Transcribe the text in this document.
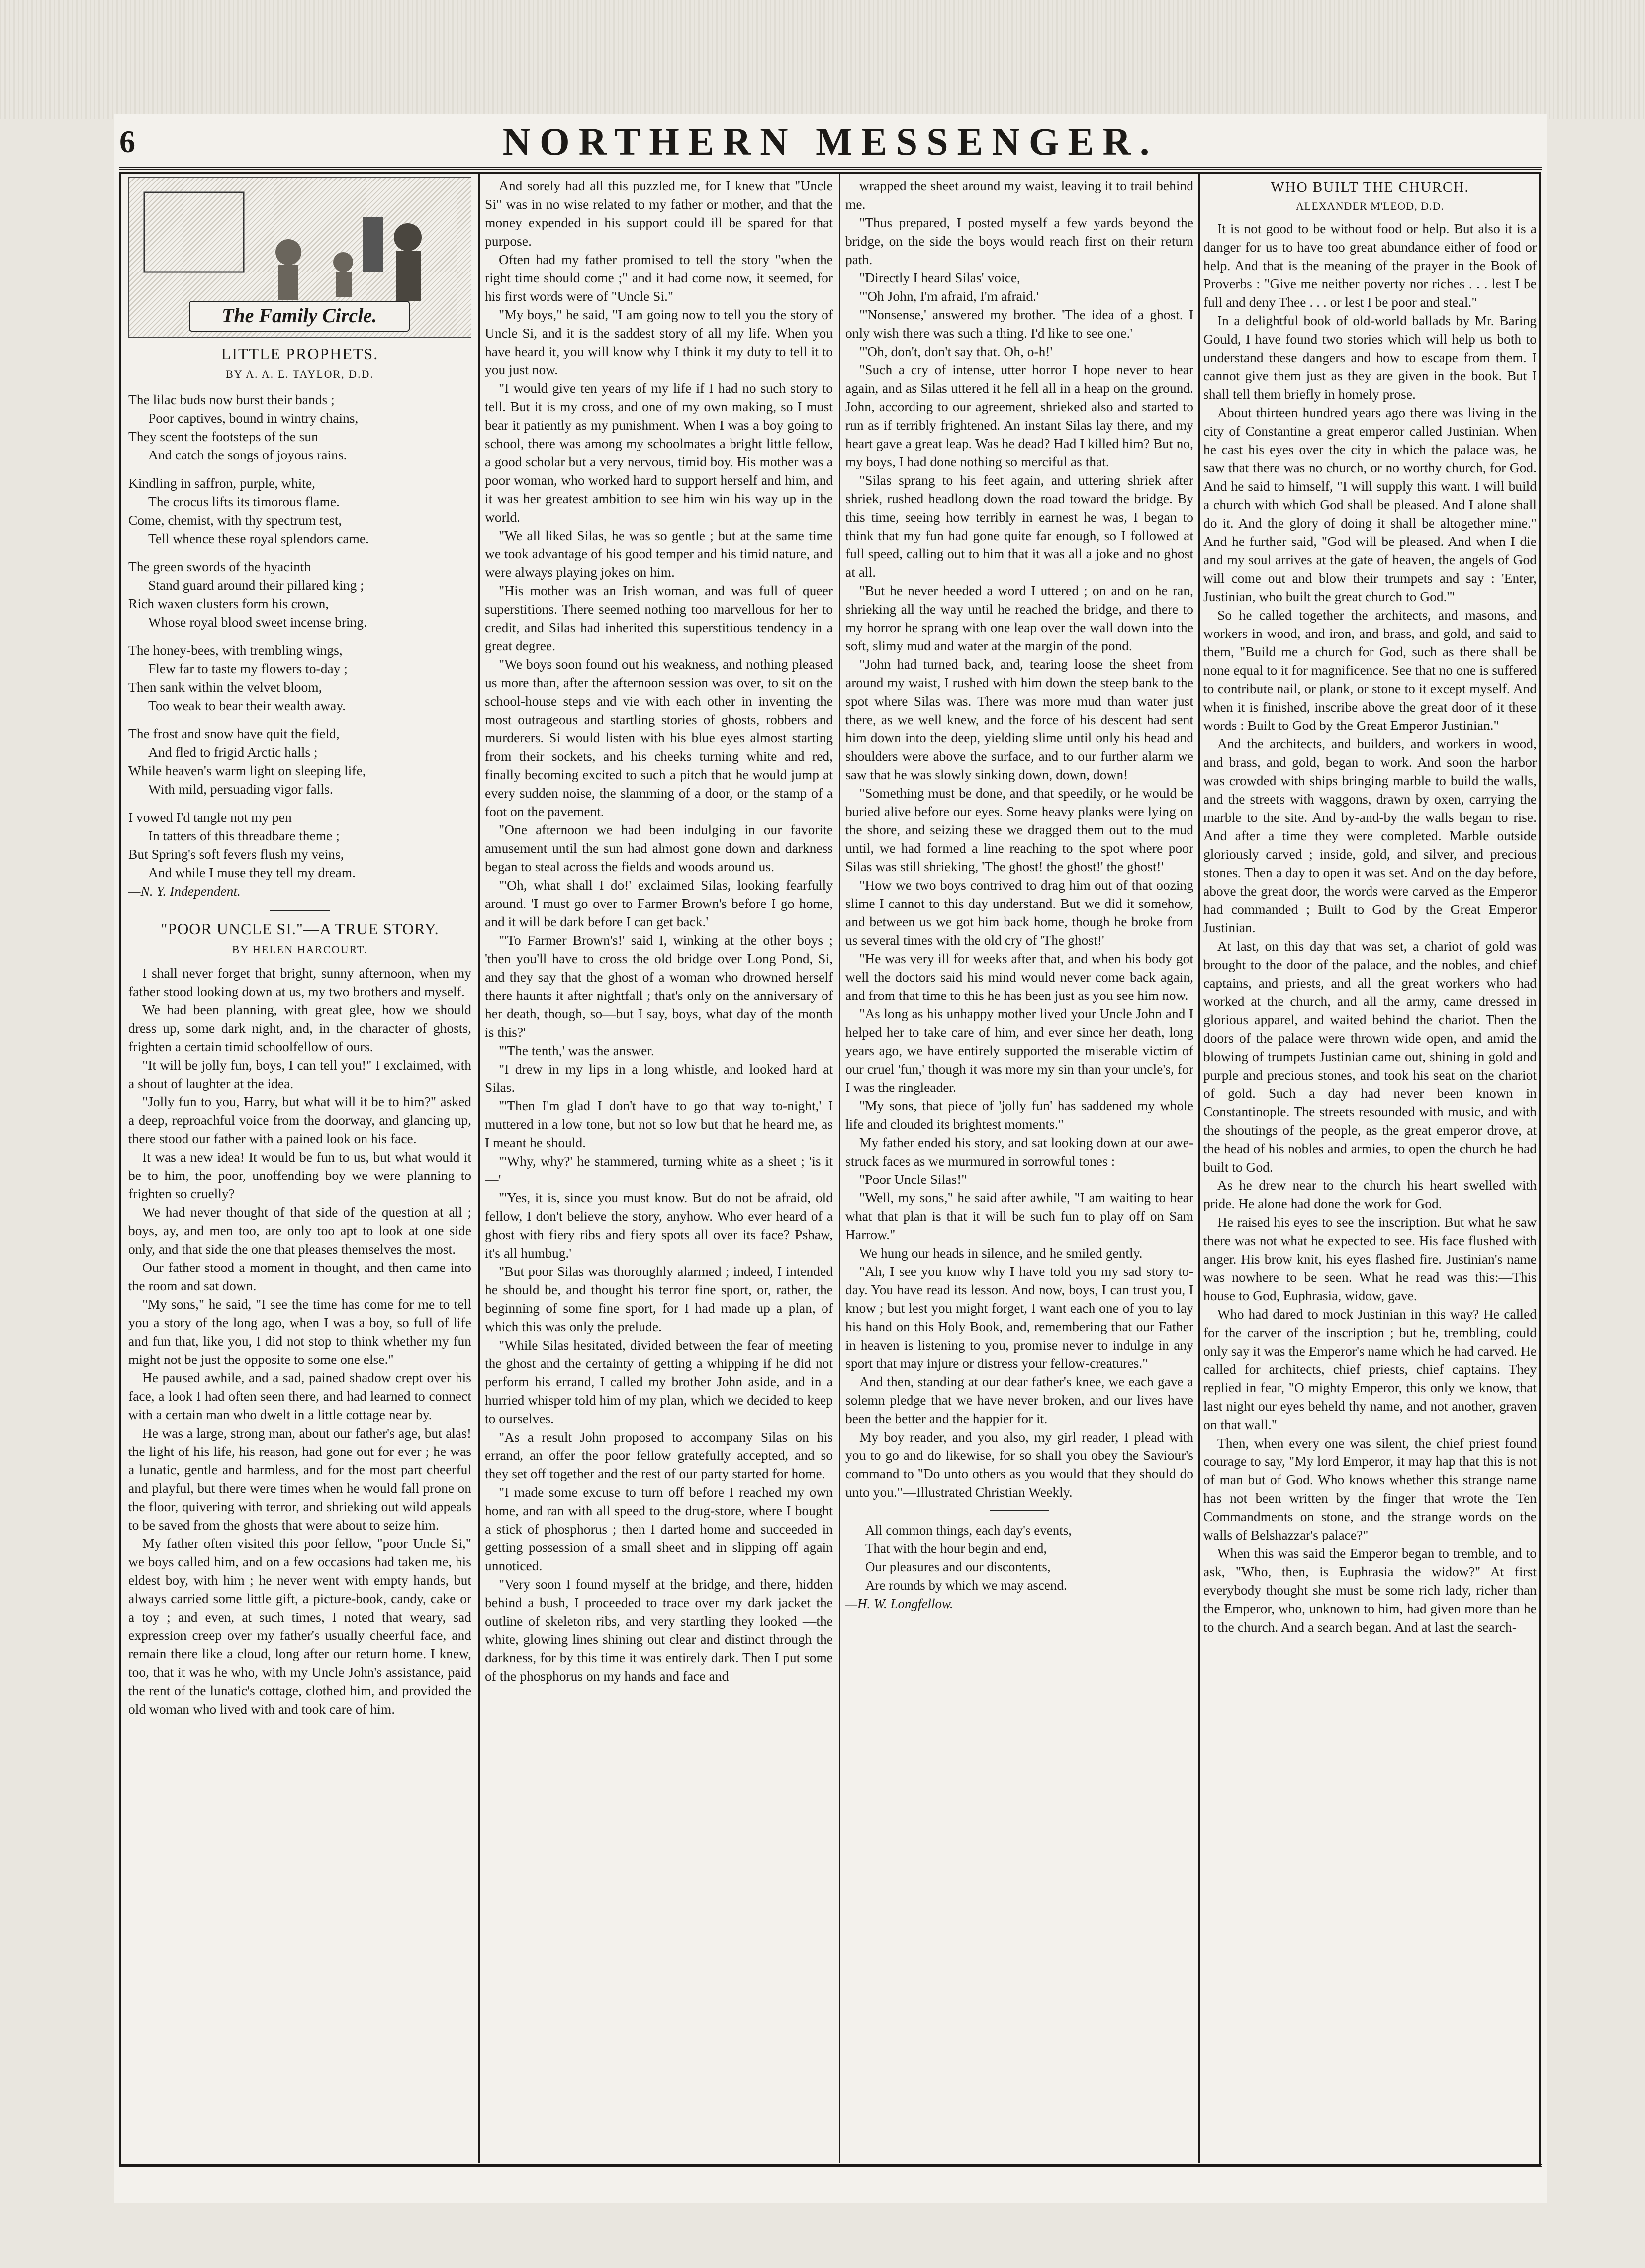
6	NORTHERN MESSENGER.
The Family Circle.
LITTLE PROPHETS.
BY A. A. E. TAYLOR, D.D.
The lilac buds now burst their bands ;
Poor captives, bound in wintry chains,
They scent the footsteps of the sun
And catch the songs of joyous rains.
Kindling in saffron, purple, white,
The crocus lifts its timorous flame.
Come, chemist, with thy spectrum test,
Tell whence these royal splendors came.
The green swords of the hyacinth
Stand guard around their pillared king ;
Rich waxen clusters form his crown,
Whose royal blood sweet incense bring.
The honey-bees, with trembling wings,
Flew far to taste my flowers to-day ;
Then sank within the velvet bloom,
Too weak to bear their wealth away.
The frost and snow have quit the field,
And fled to frigid Arctic halls ;
While heaven's warm light on sleeping life,
With mild, persuading vigor falls.
I vowed I'd tangle not my pen
In tatters of this threadbare theme ;
But Spring's soft fevers flush my veins,
And while I muse they tell my dream.
—N. Y. Independent.
"POOR UNCLE SI."—A TRUE STORY.
BY HELEN HARCOURT.

I shall never forget that bright, sunny afternoon, when my father stood looking down at us, my two brothers and myself.

We had been planning, with great glee, how we should dress up, some dark night, and, in the character of ghosts, frighten a certain timid schoolfellow of ours.

"It will be jolly fun, boys, I can tell you!" I exclaimed, with a shout of laughter at the idea.

"Jolly fun to you, Harry, but what will it be to him?" asked a deep, reproachful voice from the doorway, and glancing up, there stood our father with a pained look on his face.

It was a new idea! It would be fun to us, but what would it be to him, the poor, unoffending boy we were planning to frighten so cruelly?

We had never thought of that side of the question at all ; boys, ay, and men too, are only too apt to look at one side only, and that side the one that pleases themselves the most.

Our father stood a moment in thought, and then came into the room and sat down.

"My sons," he said, "I see the time has come for me to tell you a story of the long ago, when I was a boy, so full of life and fun that, like you, I did not stop to think whether my fun might not be just the opposite to some one else."

He paused awhile, and a sad, pained shadow crept over his face, a look I had often seen there, and had learned to connect with a certain man who dwelt in a little cottage near by.

He was a large, strong man, about our father's age, but alas! the light of his life, his reason, had gone out for ever ; he was a lunatic, gentle and harmless, and for the most part cheerful and playful, but there were times when he would fall prone on the floor, quivering with terror, and shrieking out wild appeals to be saved from the ghosts that were about to seize him.

My father often visited this poor fellow, "poor Uncle Si," we boys called him, and on a few occasions had taken me, his eldest boy, with him ; he never went with empty hands, but always carried some little gift, a picture-book, candy, cake or a toy ; and even, at such times, I noted that weary, sad expression creep over my father's usually cheerful face, and remain there like a cloud, long after our return home. I knew, too, that it was he who, with my Uncle John's assistance, paid the rent of the lunatic's cottage, clothed him, and provided the old woman who lived with and took care of him.

And sorely had all this puzzled me, for I knew that "Uncle Si" was in no wise related to my father or mother, and that the money expended in his support could ill be spared for that purpose.

Often had my father promised to tell the story "when the right time should come ;" and it had come now, it seemed, for his first words were of "Uncle Si."

"My boys," he said, "I am going now to tell you the story of Uncle Si, and it is the saddest story of all my life. When you have heard it, you will know why I think it my duty to tell it to you just now.

"I would give ten years of my life if I had no such story to tell. But it is my cross, and one of my own making, so I must bear it patiently as my punishment. When I was a boy going to school, there was among my schoolmates a bright little fellow, a good scholar but a very nervous, timid boy. His mother was a poor woman, who worked hard to support herself and him, and it was her greatest ambition to see him win his way up in the world.

"We all liked Silas, he was so gentle ; but at the same time we took advantage of his good temper and his timid nature, and were always playing jokes on him.

"His mother was an Irish woman, and was full of queer superstitions. There seemed nothing too marvellous for her to credit, and Silas had inherited this superstitious tendency in a great degree.

"We boys soon found out his weakness, and nothing pleased us more than, after the afternoon session was over, to sit on the school-house steps and vie with each other in inventing the most outrageous and startling stories of ghosts, robbers and murderers. Si would listen with his blue eyes almost starting from their sockets, and his cheeks turning white and red, finally becoming excited to such a pitch that he would jump at every sudden noise, the slamming of a door, or the stamp of a foot on the pavement.

"One afternoon we had been indulging in our favorite amusement until the sun had almost gone down and darkness began to steal across the fields and woods around us.

"'Oh, what shall I do!' exclaimed Silas, looking fearfully around. 'I must go over to Farmer Brown's before I go home, and it will be dark before I can get back.'

"'To Farmer Brown's!' said I, winking at the other boys ; 'then you'll have to cross the old bridge over Long Pond, Si, and they say that the ghost of a woman who drowned herself there haunts it after nightfall ; that's only on the anniversary of her death, though, so—but I say, boys, what day of the month is this?'

"'The tenth,' was the answer.

"I drew in my lips in a long whistle, and looked hard at Silas.

"'Then I'm glad I don't have to go that way to-night,' I muttered in a low tone, but not so low but that he heard me, as I meant he should.

"'Why, why?' he stammered, turning white as a sheet ; 'is it—'

"'Yes, it is, since you must know. But do not be afraid, old fellow, I don't believe the story, anyhow. Who ever heard of a ghost with fiery ribs and fiery spots all over its face? Pshaw, it's all humbug.'

"But poor Silas was thoroughly alarmed ; indeed, I intended he should be, and thought his terror fine sport, or, rather, the beginning of some fine sport, for I had made up a plan, of which this was only the prelude.

"While Silas hesitated, divided between the fear of meeting the ghost and the certainty of getting a whipping if he did not perform his errand, I called my brother John aside, and in a hurried whisper told him of my plan, which we decided to keep to ourselves.

"As a result John proposed to accompany Silas on his errand, an offer the poor fellow gratefully accepted, and so they set off together and the rest of our party started for home.

"I made some excuse to turn off before I reached my own home, and ran with all speed to the drug-store, where I bought a stick of phosphorus ; then I darted home and succeeded in getting possession of a small sheet and in slipping off again unnoticed.

"Very soon I found myself at the bridge, and there, hidden behind a bush, I proceeded to trace over my dark jacket the outline of skeleton ribs, and very startling they looked —the white, glowing lines shining out clear and distinct through the darkness, for by this time it was entirely dark. Then I put some of the phosphorus on my hands and face and

wrapped the sheet around my waist, leaving it to trail behind me.

"Thus prepared, I posted myself a few yards beyond the bridge, on the side the boys would reach first on their return path.

"Directly I heard Silas' voice,

"'Oh John, I'm afraid, I'm afraid.'

"'Nonsense,' answered my brother. 'The idea of a ghost. I only wish there was such a thing. I'd like to see one.'

"'Oh, don't, don't say that. Oh, o-h!'

"Such a cry of intense, utter horror I hope never to hear again, and as Silas uttered it he fell all in a heap on the ground. John, according to our agreement, shrieked also and started to run as if terribly frightened. An instant Silas lay there, and my heart gave a great leap. Was he dead? Had I killed him? But no, my boys, I had done nothing so merciful as that.

"Silas sprang to his feet again, and uttering shriek after shriek, rushed headlong down the road toward the bridge. By this time, seeing how terribly in earnest he was, I began to think that my fun had gone quite far enough, so I followed at full speed, calling out to him that it was all a joke and no ghost at all.

"But he never heeded a word I uttered ; on and on he ran, shrieking all the way until he reached the bridge, and there to my horror he sprang with one leap over the wall down into the soft, slimy mud and water at the margin of the pond.

"John had turned back, and, tearing loose the sheet from around my waist, I rushed with him down the steep bank to the spot where Silas was. There was more mud than water just there, as we well knew, and the force of his descent had sent him down into the deep, yielding slime until only his head and shoulders were above the surface, and to our further alarm we saw that he was slowly sinking down, down, down!

"Something must be done, and that speedily, or he would be buried alive before our eyes. Some heavy planks were lying on the shore, and seizing these we dragged them out to the mud until, we had formed a line reaching to the spot where poor Silas was still shrieking, 'The ghost! the ghost!' the ghost!'

"How we two boys contrived to drag him out of that oozing slime I cannot to this day understand. But we did it somehow, and between us we got him back home, though he broke from us several times with the old cry of 'The ghost!'

"He was very ill for weeks after that, and when his body got well the doctors said his mind would never come back again, and from that time to this he has been just as you see him now.

"As long as his unhappy mother lived your Uncle John and I helped her to take care of him, and ever since her death, long years ago, we have entirely supported the miserable victim of our cruel 'fun,' though it was more my sin than your uncle's, for I was the ringleader.

"My sons, that piece of 'jolly fun' has saddened my whole life and clouded its brightest moments."

My father ended his story, and sat looking down at our awe-struck faces as we murmured in sorrowful tones :

"Poor Uncle Silas!"

"Well, my sons," he said after awhile, "I am waiting to hear what that plan is that it will be such fun to play off on Sam Harrow."

We hung our heads in silence, and he smiled gently.

"Ah, I see you know why I have told you my sad story to-day. You have read its lesson. And now, boys, I can trust you, I know ; but lest you might forget, I want each one of you to lay his hand on this Holy Book, and, remembering that our Father in heaven is listening to you, promise never to indulge in any sport that may injure or distress your fellow-creatures."

And then, standing at our dear father's knee, we each gave a solemn pledge that we have never broken, and our lives have been the better and the happier for it.

My boy reader, and you also, my girl reader, I plead with you to go and do likewise, for so shall you obey the Saviour's command to "Do unto others as you would that they should do unto you."—Illustrated Christian Weekly.

All common things, each day's events,
That with the hour begin and end,
Our pleasures and our discontents,
Are rounds by which we may ascend.
—H. W. Longfellow.
WHO BUILT THE CHURCH.
ALEXANDER M'LEOD, D.D.

It is not good to be without food or help. But also it is a danger for us to have too great abundance either of food or help. And that is the meaning of the prayer in the Book of Proverbs : "Give me neither poverty nor riches . . . lest I be full and deny Thee . . . or lest I be poor and steal."

In a delightful book of old-world ballads by Mr. Baring Gould, I have found two stories which will help us both to understand these dangers and how to escape from them. I cannot give them just as they are given in the book. But I shall tell them briefly in homely prose.

About thirteen hundred years ago there was living in the city of Constantine a great emperor called Justinian. When he cast his eyes over the city in which the palace was, he saw that there was no church, or no worthy church, for God. And he said to himself, "I will supply this want. I will build a church with which God shall be pleased. And I alone shall do it. And the glory of doing it shall be altogether mine." And he further said, "God will be pleased. And when I die and my soul arrives at the gate of heaven, the angels of God will come out and blow their trumpets and say : 'Enter, Justinian, who built the great church to God.'"

So he called together the architects, and masons, and workers in wood, and iron, and brass, and gold, and said to them, "Build me a church for God, such as there shall be none equal to it for magnificence. See that no one is suffered to contribute nail, or plank, or stone to it except myself. And when it is finished, inscribe above the great door of it these words : Built to God by the Great Emperor Justinian."

And the architects, and builders, and workers in wood, and brass, and gold, began to work. And soon the harbor was crowded with ships bringing marble to build the walls, and the streets with waggons, drawn by oxen, carrying the marble to the site. And by-and-by the walls began to rise. And after a time they were completed. Marble outside gloriously carved ; inside, gold, and silver, and precious stones. Then a day to open it was set. And on the day before, above the great door, the words were carved as the Emperor had commanded ; Built to God by the Great Emperor Justinian.

At last, on this day that was set, a chariot of gold was brought to the door of the palace, and the nobles, and chief captains, and priests, and all the great workers who had worked at the church, and all the army, came dressed in glorious apparel, and waited behind the chariot. Then the doors of the palace were thrown wide open, and amid the blowing of trumpets Justinian came out, shining in gold and purple and precious stones, and took his seat on the chariot of gold. Such a day had never been known in Constantinople. The streets resounded with music, and with the shoutings of the people, as the great emperor drove, at the head of his nobles and armies, to open the church he had built to God.

As he drew near to the church his heart swelled with pride. He alone had done the work for God.

He raised his eyes to see the inscription. But what he saw there was not what he expected to see. His face flushed with anger. His brow knit, his eyes flashed fire. Justinian's name was nowhere to be seen. What he read was this:—This house to God, Euphrasia, widow, gave.

Who had dared to mock Justinian in this way? He called for the carver of the inscription ; but he, trembling, could only say it was the Emperor's name which he had carved. He called for architects, chief priests, chief captains. They replied in fear, "O mighty Emperor, this only we know, that last night our eyes beheld thy name, and not another, graven on that wall."

Then, when every one was silent, the chief priest found courage to say, "My lord Emperor, it may hap that this is not of man but of God. Who knows whether this strange name has not been written by the finger that wrote the Ten Commandments on stone, and the strange words on the walls of Belshazzar's palace?"

When this was said the Emperor began to tremble, and to ask, "Who, then, is Euphrasia the widow?" At first everybody thought she must be some rich lady, richer than the Emperor, who, unknown to him, had given more than he to the church. And a search began. And at last the search-
